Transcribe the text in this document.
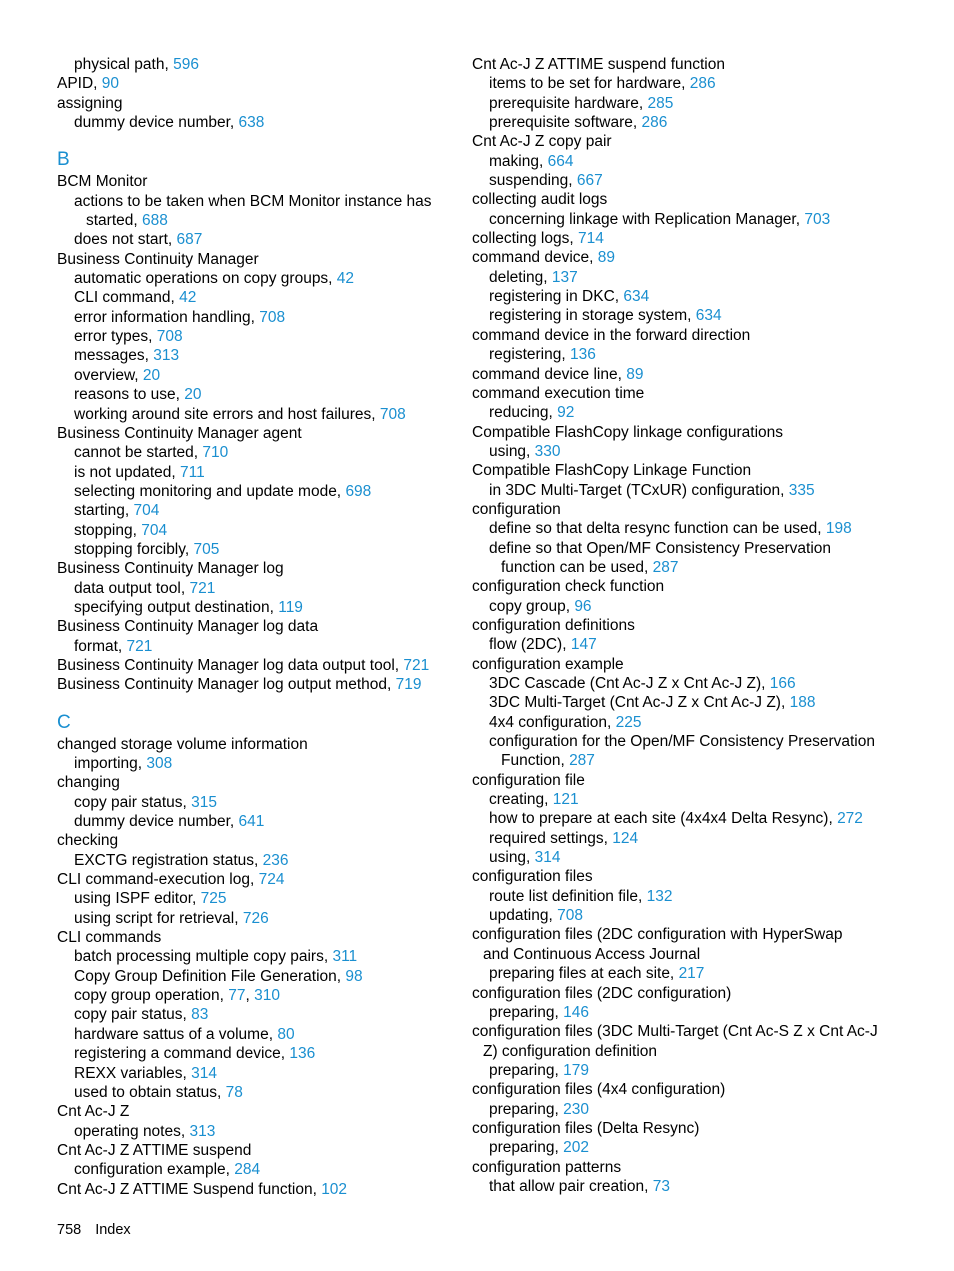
physical path, 596
APID, 90
assigning
dummy device number, 638
B
BCM Monitor
actions to be taken when BCM Monitor instance has
started, 688
does not start, 687
Business Continuity Manager
automatic operations on copy groups, 42
CLI command, 42
error information handling, 708
error types, 708
messages, 313
overview, 20
reasons to use, 20
working around site errors and host failures, 708
Business Continuity Manager agent
cannot be started, 710
is not updated, 711
selecting monitoring and update mode, 698
starting, 704
stopping, 704
stopping forcibly, 705
Business Continuity Manager log
data output tool, 721
specifying output destination, 119
Business Continuity Manager log data
format, 721
Business Continuity Manager log data output tool, 721
Business Continuity Manager log output method, 719
C
changed storage volume information
importing, 308
changing
copy pair status, 315
dummy device number, 641
checking
EXCTG registration status, 236
CLI command-execution log, 724
using ISPF editor, 725
using script for retrieval, 726
CLI commands
batch processing multiple copy pairs, 311
Copy Group Definition File Generation, 98
copy group operation, 77, 310
copy pair status, 83
hardware sattus of a volume, 80
registering a command device, 136
REXX variables, 314
used to obtain status, 78
Cnt Ac-J Z
operating notes, 313
Cnt Ac-J Z ATTIME suspend
configuration example, 284
Cnt Ac-J Z ATTIME Suspend function, 102
Cnt Ac-J Z ATTIME suspend function
items to be set for hardware, 286
prerequisite hardware, 285
prerequisite software, 286
Cnt Ac-J Z copy pair
making, 664
suspending, 667
collecting audit logs
concerning linkage with Replication Manager, 703
collecting logs, 714
command device, 89
deleting, 137
registering in DKC, 634
registering in storage system, 634
command device in the forward direction
registering, 136
command device line, 89
command execution time
reducing, 92
Compatible FlashCopy linkage configurations
using, 330
Compatible FlashCopy Linkage Function
in 3DC Multi-Target (TCxUR) configuration, 335
configuration
define so that delta resync function can be used, 198
define so that Open/MF Consistency Preservation
function can be used, 287
configuration check function
copy group, 96
configuration definitions
flow (2DC), 147
configuration example
3DC Cascade (Cnt Ac-J Z x Cnt Ac-J Z), 166
3DC Multi-Target (Cnt Ac-J Z x Cnt Ac-J Z), 188
4x4 configuration, 225
configuration for the Open/MF Consistency Preservation
Function, 287
configuration file
creating, 121
how to prepare at each site (4x4x4 Delta Resync), 272
required settings, 124
using, 314
configuration files
route list definition file, 132
updating, 708
configuration files (2DC configuration with HyperSwap
and Continuous Access Journal
preparing files at each site, 217
configuration files (2DC configuration)
preparing, 146
configuration files (3DC Multi-Target (Cnt Ac-S Z x Cnt Ac-J
Z) configuration definition
preparing, 179
configuration files (4x4 configuration)
preparing, 230
configuration files (Delta Resync)
preparing, 202
configuration patterns
that allow pair creation, 73
758 Index
